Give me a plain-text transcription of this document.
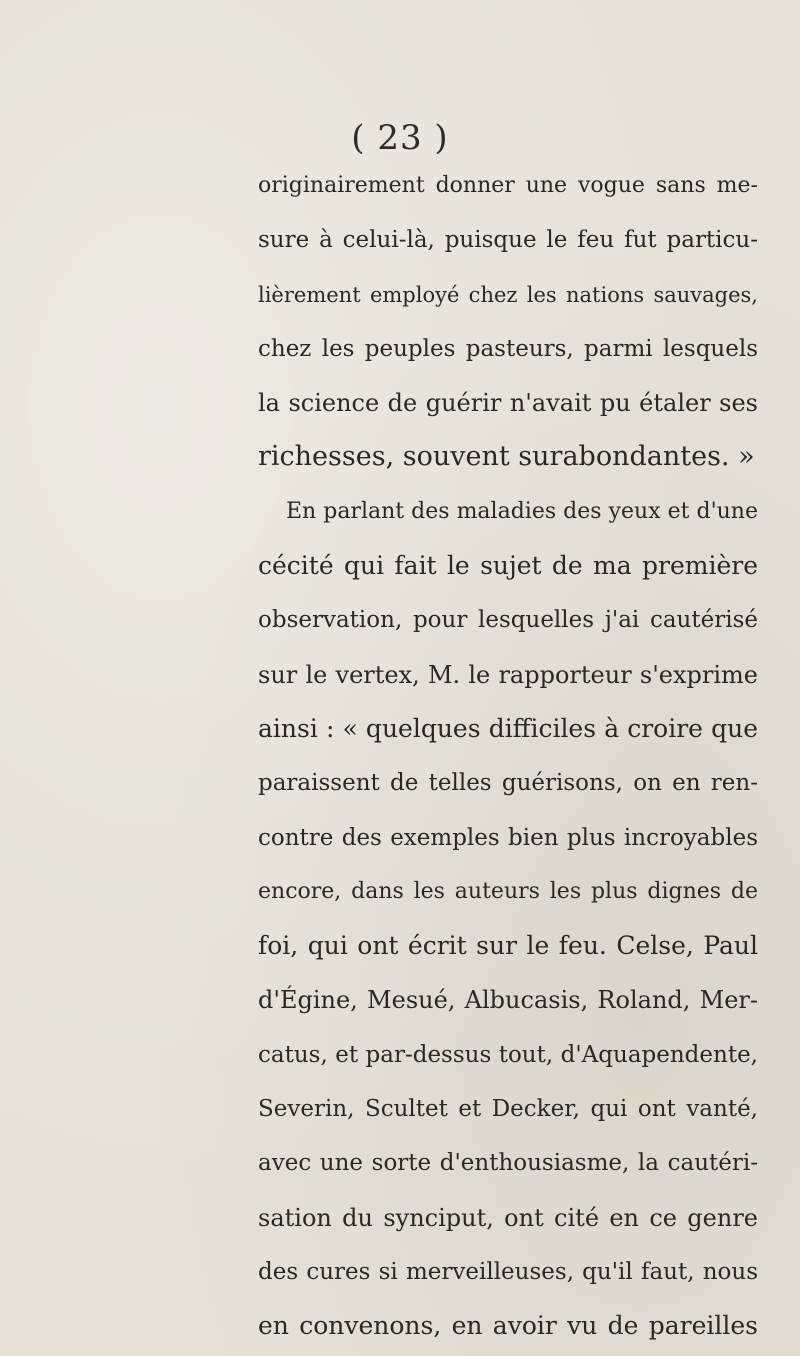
( 23 )
originairement donner une vogue sans me-
sure à celui-là, puisque le feu fut particu-
lièrement employé chez les nations sauvages,
chez les peuples pasteurs, parmi lesquels
la science de guérir n'avait pu étaler ses
richesses, souvent surabondantes. »
En parlant des maladies des yeux et d'une
cécité qui fait le sujet de ma première
observation, pour lesquelles j'ai cautérisé
sur le vertex, M. le rapporteur s'exprime
ainsi : « quelques difficiles à croire que
paraissent de telles guérisons, on en ren-
contre des exemples bien plus incroyables
encore, dans les auteurs les plus dignes de
foi, qui ont écrit sur le feu. Celse, Paul
d'Égine, Mesué, Albucasis, Roland, Mer-
catus, et par-dessus tout, d'Aquapendente,
Severin, Scultet et Decker, qui ont vanté,
avec une sorte d'enthousiasme, la cautéri-
sation du synciput, ont cité en ce genre
des cures si merveilleuses, qu'il faut, nous
en convenons, en avoir vu de pareilles
